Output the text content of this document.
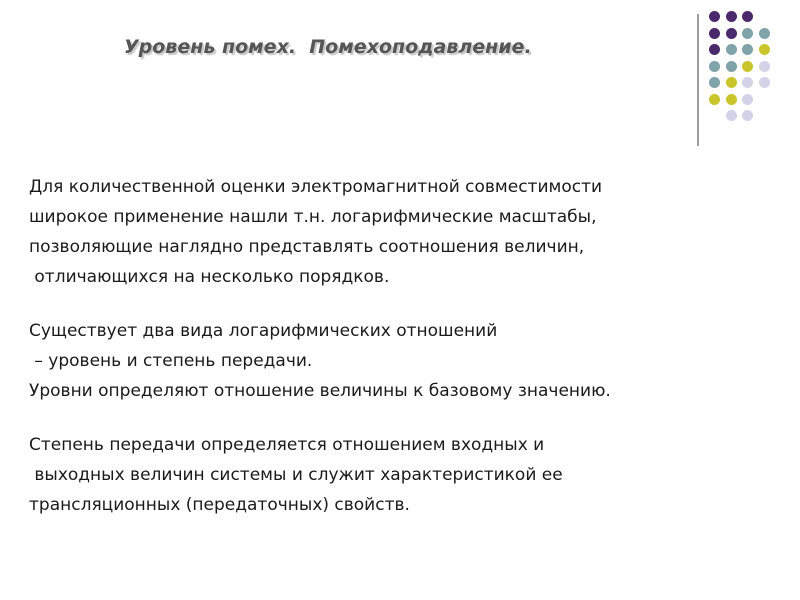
Уровень помех.  Помехоподавление.
Для количественной оценки электромагнитной совместимости
широкое применение нашли т.н. логарифмические масштабы,
позволяющие наглядно представлять соотношения величин,
отличающихся на несколько порядков.
Существует два вида логарифмических отношений
– уровень и степень передачи.
Уровни определяют отношение величины к базовому значению.
Степень передачи определяется отношением входных и
выходных величин системы и служит характеристикой ее
трансляционных (передаточных) свойств.
